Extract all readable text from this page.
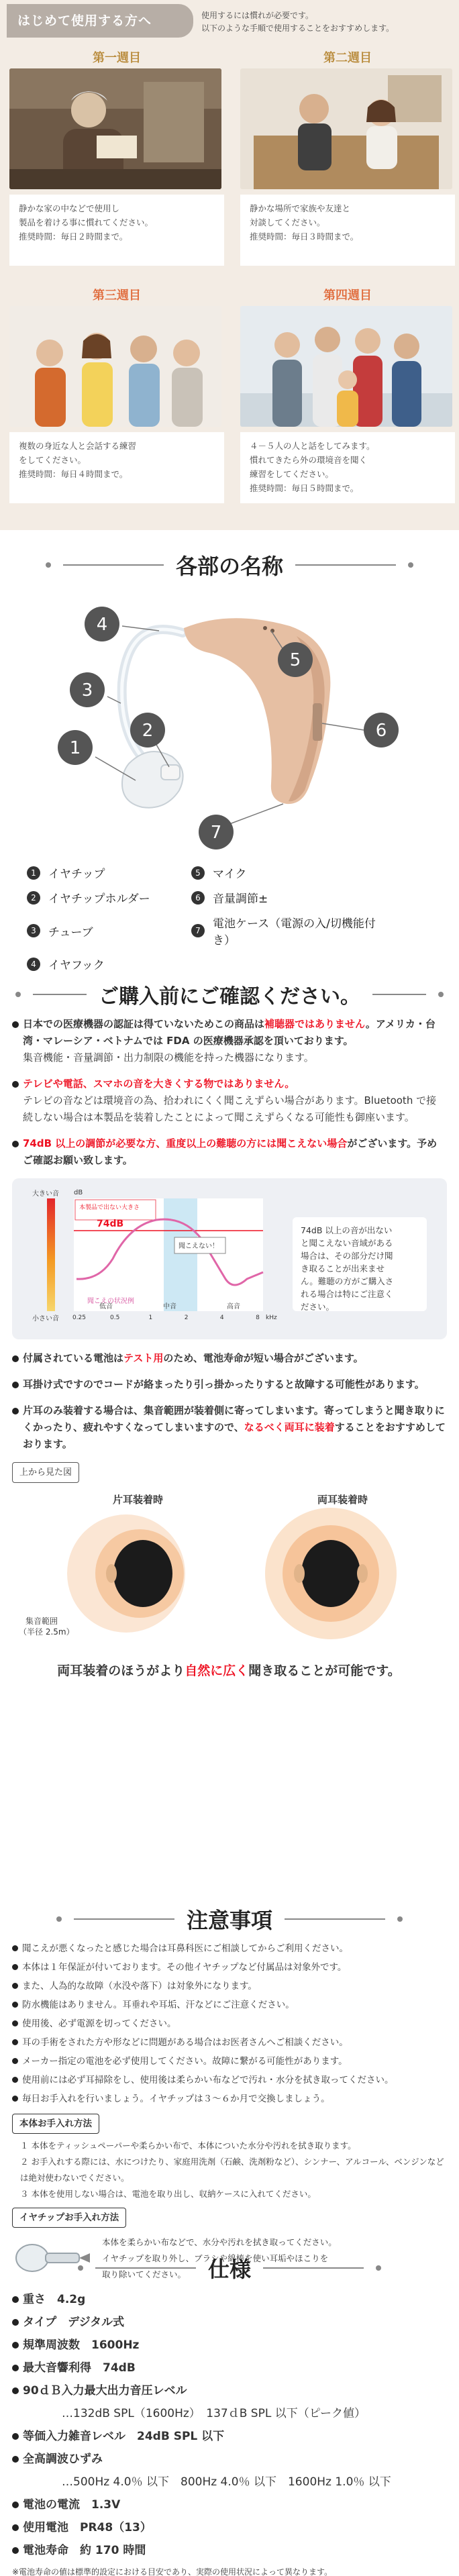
はじめて使用する方へ	使用するには慣れが必要です。
以下のような手順で使用することをおすすめします。
第一週目
静かな家の中などで使用し
製品を着ける事に慣れてください。
推奨時間：毎日２時間まで。
第二週目
静かな場所で家族や友達と
対談してください。
推奨時間：毎日３時間まで。
第三週目
複数の身近な人と会話する練習
をしてください。
推奨時間：毎日４時間まで。
第四週目
４－５人の人と話をしてみます。
慣れてきたら外の環境音を聞く
練習をしてください。
推奨時間：毎日５時間まで。
各部の名称
4
3
1
2
5
6
7
1	イヤチップ	5	マイク
2	イヤチップホルダー	6	音量調節±
3	チューブ	7	電池ケース（電源の入/切機能付き）
4	イヤフック
ご購入前にご確認ください。
日本での医療機器の認証は得ていないためこの商品は補聴器ではありません。アメリカ・台湾・マレーシア・ベトナムでは FDA の医療機器承認を頂いております。
集音機能・音量調節・出力制限の機能を持った機器になります。
テレビや電話、スマホの音を大きくする物ではありません。
テレビの音などは環境音の為、拾われにくく聞こえずらい場合があります。Bluetooth で接続しない場合は本製品を装着したことによって聞こえずらくなる可能性も御座います。
74dB 以上の調節が必要な方、重度以上の難聴の方には聞こえない場合がございます。予めご確認お願い致します。
大きい音
小さい音
dB
kHz
本製品で出ない大きさ
74dB
聞こえない！
聞こえの状況例
0.25	0.5	1	2	4	8
低音	中音	高音
74dB 以上の音が出ない
と聞こえない音域がある
場合は、その部分だけ聞
き取ることが出来ませ
ん。難聴の方がご購入さ
れる場合は特にご注意く
ださい。
付属されている電池はテスト用のため、電池寿命が短い場合がございます。
耳掛け式ですのでコードが絡まったり引っ掛かったりすると故障する可能性があります。
片耳のみ装着する場合は、集音範囲が装着側に寄ってしまいます。寄ってしまうと聞き取りにくかったり、疲れやすくなってしまいますので、なるべく両耳に装着することをおすすめしております。
上から見た図
片耳装着時	両耳装着時
集音範囲
（半径 2.5m）
両耳装着のほうがより自然に広く聞き取ることが可能です。
注意事項
聞こえが悪くなったと感じた場合は耳鼻科医にご相談してからご利用ください。
本体は１年保証が付いております。その他イヤチップなど付属品は対象外です。
また、人為的な故障（水没や落下）は対象外になります。
防水機能はありません。耳垂れや耳垢、汗などにご注意ください。
使用後、必ず電源を切ってください。
耳の手術をされた方や形などに問題がある場合はお医者さんへご相談ください。
メーカー指定の電池を必ず使用してください。故障に繋がる可能性があります。
使用前には必ず耳掃除をし、使用後は柔らかい布などで汚れ・水分を拭き取ってください。
毎日お手入れを行いましょう。イヤチップは３～６か月で交換しましょう。
本体お手入れ方法
１ 本体をティッシュペーパーや柔らかい布で、本体についた水分や汚れを拭き取ります。
２ お手入れする際には、水につけたり、家庭用洗剤（石鹸、洗剤粉など）、シンナー、アルコール、ベンジンなどは絶対使わないでください。
３ 本体を使用しない場合は、電池を取り出し、収納ケースに入れてください。
イヤチップお手入れ方法
本体を柔らかい布などで、水分や汚れを拭き取ってください。
イヤチップを取り外し、ブラシや綿棒を使い耳垢やほこりを
取り除いてください。	仕様
重さ　4.2g
タイプ　デジタル式
規準周波数　1600Hz
最大音響利得　74dB
90ｄＢ入力最大出力音圧レベル
…132dB SPL（1600Hz）　137ｄB SPL 以下（ピーク値）
等価入力雑音レベル　24dB SPL 以下
全高調波ひずみ
…500Hz 4.0％ 以下　800Hz 4.0％ 以下　1600Hz 1.0％ 以下
電池の電流　1.3V
使用電池　PR48（13）
電池寿命　約 170 時間
※電池寿命の値は標準的設定における目安であり、実際の使用状況によって異なります。
